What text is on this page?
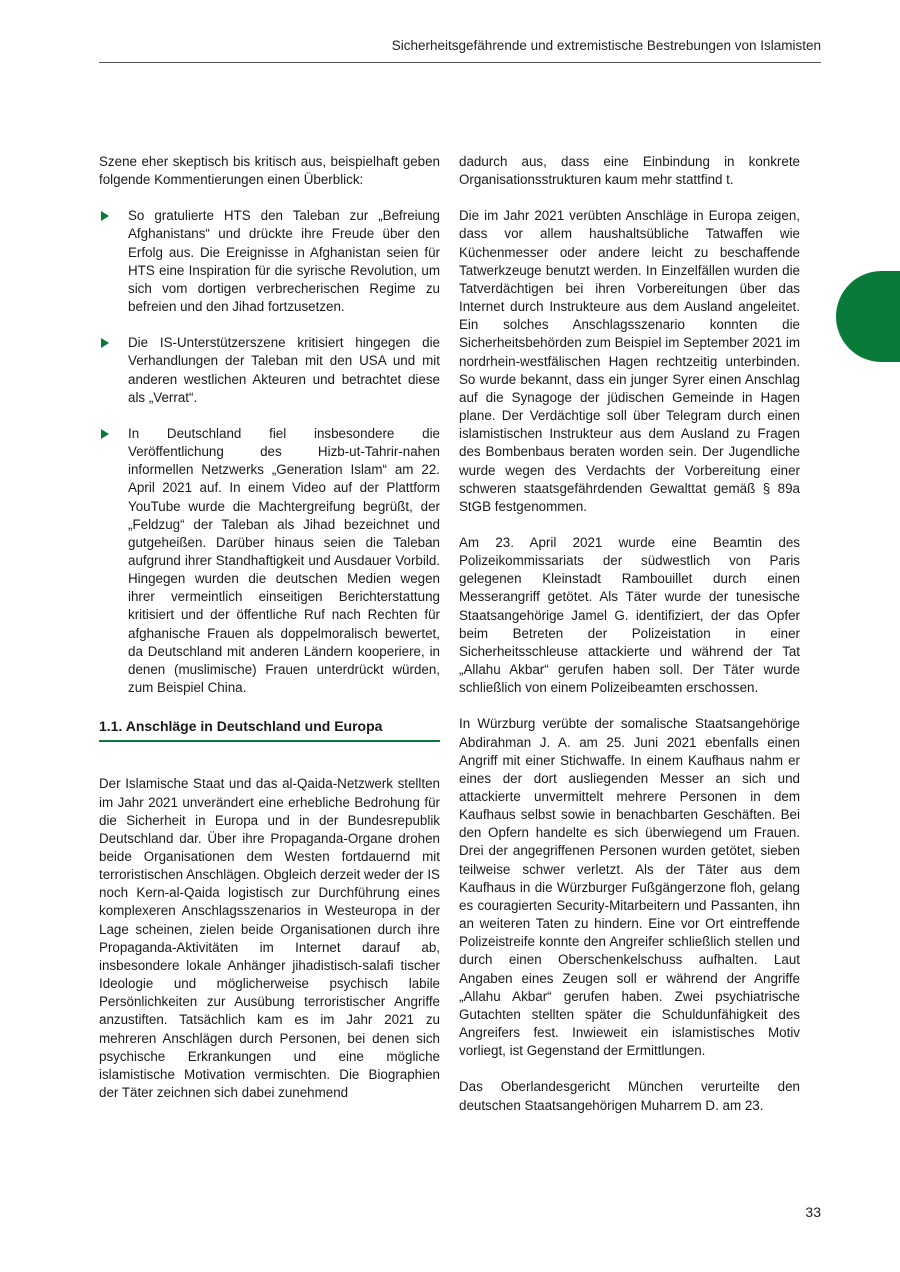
Sicherheitsgefährende und extremistische Bestrebungen von Islamisten

Szene eher skeptisch bis kritisch aus, beispielhaft geben folgende Kommentierungen einen Überblick:

So gratulierte HTS den Taleban zur „Befreiung Afghanistans“ und drückte ihre Freude über den Erfolg aus. Die Ereignisse in Afghanistan seien für HTS eine Inspiration für die syrische Revolution, um sich vom dortigen verbrecherischen Regime zu befreien und den Jihad fortzusetzen.
Die IS-Unterstützerszene kritisiert hingegen die Verhandlungen der Taleban mit den USA und mit anderen westlichen Akteuren und betrachtet diese als „Verrat“.
In Deutschland fiel insbesondere die Veröffentlichung des Hizb-ut-Tahrir-nahen informellen Netzwerks „Generation Islam“ am 22. April 2021 auf. In einem Video auf der Plattform YouTube wurde die Machtergreifung begrüßt, der „Feldzug“ der Taleban als Jihad bezeichnet und gutgeheißen. Darüber hinaus seien die Taleban aufgrund ihrer Standhaftigkeit und Ausdauer Vorbild. Hingegen wurden die deutschen Medien wegen ihrer vermeintlich einseitigen Berichterstattung kritisiert und der öffentliche Ruf nach Rechten für afghanische Frauen als doppelmoralisch bewertet, da Deutschland mit anderen Ländern kooperiere, in denen (muslimische) Frauen unterdrückt würden, zum Beispiel China.
1.1. Anschläge in Deutschland und Europa

Der Islamische Staat und das al-Qaida-Netzwerk stellten im Jahr 2021 unverändert eine erhebliche Bedrohung für die Sicherheit in Europa und in der Bundesrepublik Deutschland dar. Über ihre Propaganda-Organe drohen beide Organisationen dem Westen fortdauernd mit terroristischen Anschlägen. Obgleich derzeit weder der IS noch Kern-al-Qaida logistisch zur Durchführung eines komplexeren Anschlagsszenarios in Westeuropa in der Lage scheinen, zielen beide Organisationen durch ihre Propaganda-Aktivitäten im Internet darauf ab, insbesondere lokale Anhänger jihadistisch-salafi tischer Ideologie und möglicherweise psychisch labile Persönlichkeiten zur Ausübung terroristischer Angriffe anzustiften. Tatsächlich kam es im Jahr 2021 zu mehreren Anschlägen durch Personen, bei denen sich psychische Erkrankungen und eine mögliche islamistische Motivation vermischten. Die Biographien der Täter zeichnen sich dabei zunehmend

dadurch aus, dass eine Einbindung in konkrete Organisationsstrukturen kaum mehr stattfind t.

Die im Jahr 2021 verübten Anschläge in Europa zeigen, dass vor allem haushaltsübliche Tatwaffen wie Küchenmesser oder andere leicht zu beschaffende Tatwerkzeuge benutzt werden. In Einzelfällen wurden die Tatverdächtigen bei ihren Vorbereitungen über das Internet durch Instrukteure aus dem Ausland angeleitet. Ein solches Anschlagsszenario konnten die Sicherheitsbehörden zum Beispiel im September 2021 im nordrhein-westfälischen Hagen rechtzeitig unterbinden. So wurde bekannt, dass ein junger Syrer einen Anschlag auf die Synagoge der jüdischen Gemeinde in Hagen plane. Der Verdächtige soll über Telegram durch einen islamistischen Instrukteur aus dem Ausland zu Fragen des Bombenbaus beraten worden sein. Der Jugendliche wurde wegen des Verdachts der Vorbereitung einer schweren staatsgefährdenden Gewalttat gemäß § 89a StGB festgenommen.

Am 23. April 2021 wurde eine Beamtin des Polizeikommissariats der südwestlich von Paris gelegenen Kleinstadt Rambouillet durch einen Messerangriff getötet. Als Täter wurde der tunesische Staatsangehörige Jamel G. identifiziert, der das Opfer beim Betreten der Polizeistation in einer Sicherheitsschleuse attackierte und während der Tat „Allahu Akbar“ gerufen haben soll. Der Täter wurde schließlich von einem Polizeibeamten erschossen.

In Würzburg verübte der somalische Staatsangehörige Abdirahman J. A. am 25. Juni 2021 ebenfalls einen Angriff mit einer Stichwaffe. In einem Kaufhaus nahm er eines der dort ausliegenden Messer an sich und attackierte unvermittelt mehrere Personen in dem Kaufhaus selbst sowie in benachbarten Geschäften. Bei den Opfern handelte es sich überwiegend um Frauen. Drei der angegriffenen Personen wurden getötet, sieben teilweise schwer verletzt. Als der Täter aus dem Kaufhaus in die Würzburger Fußgängerzone floh, gelang es couragierten Security-Mitarbeitern und Passanten, ihn an weiteren Taten zu hindern. Eine vor Ort eintreffende Polizeistreife konnte den Angreifer schließlich stellen und durch einen Oberschenkelschuss aufhalten. Laut Angaben eines Zeugen soll er während der Angriffe „Allahu Akbar“ gerufen haben. Zwei psychiatrische Gutachten stellten später die Schuldunfähigkeit des Angreifers fest. Inwieweit ein islamistisches Motiv vorliegt, ist Gegenstand der Ermittlungen.

Das Oberlandesgericht München verurteilte den deutschen Staatsangehörigen Muharrem D. am 23.

33
